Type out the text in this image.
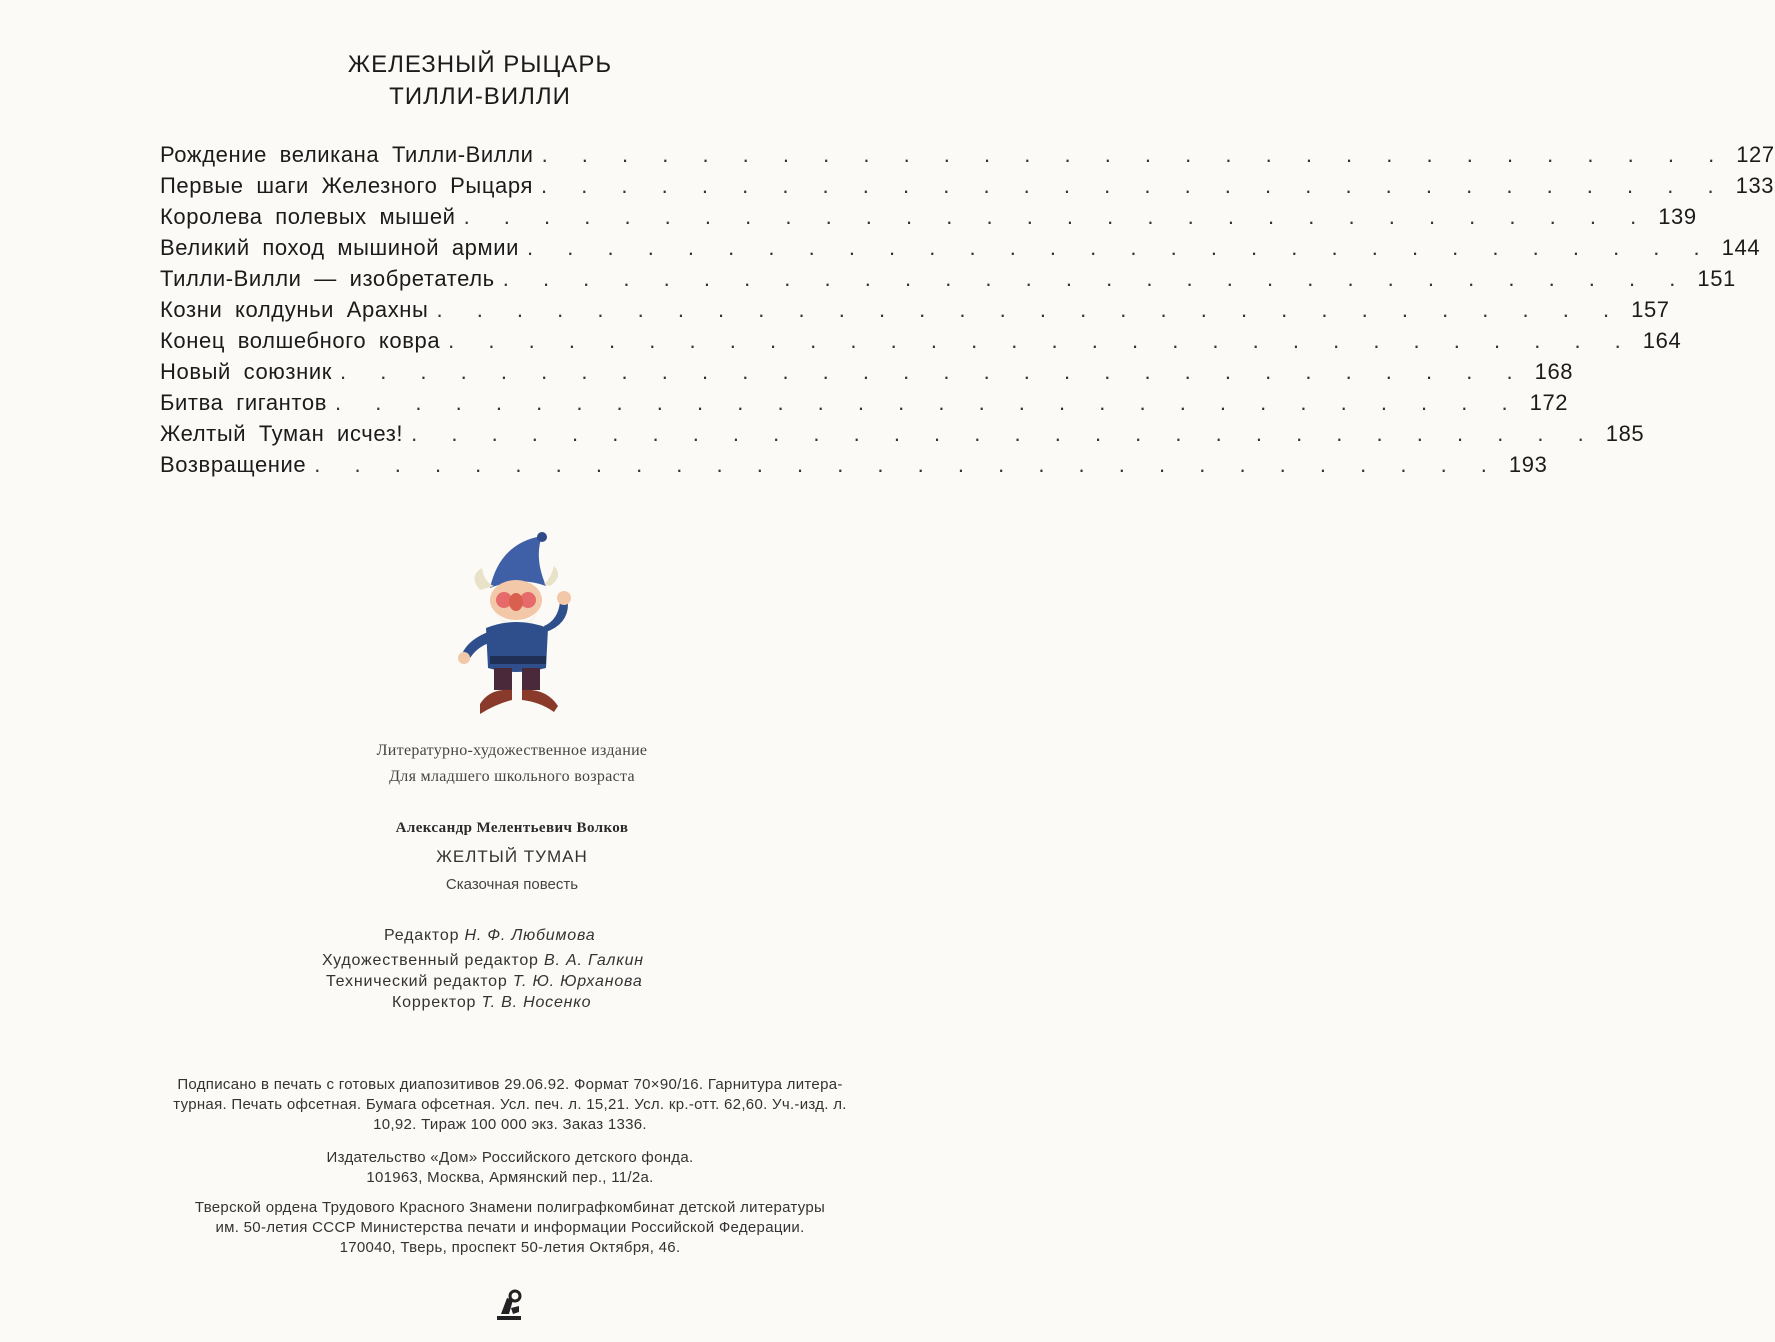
ЖЕЛЕЗНЫЙ РЫЦАРЬ
ТИЛЛИ-ВИЛЛИ
Рождение великана Тилли-Вилли . . . . . . . . . . . . . . . . . . . . . . . . . . . . . . 127
Первые шаги Железного Рыцаря . . . . . . . . . . . . . . . . . . . . . . . . . . . . . . 133
Королева полевых мышей . . . . . . . . . . . . . . . . . . . . . . . . . . . . . . 139
Великий поход мышиной армии . . . . . . . . . . . . . . . . . . . . . . . . . . . . . . 144
Тилли-Вилли — изобретатель . . . . . . . . . . . . . . . . . . . . . . . . . . . . . . 151
Козни колдуньи Арахны . . . . . . . . . . . . . . . . . . . . . . . . . . . . . . 157
Конец волшебного ковра . . . . . . . . . . . . . . . . . . . . . . . . . . . . . . 164
Новый союзник . . . . . . . . . . . . . . . . . . . . . . . . . . . . . . 168
Битва гигантов . . . . . . . . . . . . . . . . . . . . . . . . . . . . . . 172
Желтый Туман исчез! . . . . . . . . . . . . . . . . . . . . . . . . . . . . . . 185
Возвращение . . . . . . . . . . . . . . . . . . . . . . . . . . . . . . 193
Литературно-художественное издание
Для младшего школьного возраста
Александр Мелентьевич Волков
ЖЕЛТЫЙ ТУМАН
Сказочная повесть
Редактор Н. Ф. Любимова
Художественный редактор В. А. Галкин
Технический редактор Т. Ю. Юрханова
Корректор Т. В. Носенко
Подписано в печать с готовых диапозитивов 29.06.92. Формат 70×90/16. Гарнитура литера-
турная. Печать офсетная. Бумага офсетная. Усл. печ. л. 15,21. Усл. кр.-отт. 62,60. Уч.-изд. л.
10,92. Тираж 100 000 экз. Заказ 1336.
Издательство «Дом» Российского детского фонда.
101963, Москва, Армянский пер., 11/2а.
Тверской ордена Трудового Красного Знамени полиграфкомбинат детской литературы
им. 50-летия СССР Министерства печати и информации Российской Федерации.
170040, Тверь, проспект 50-летия Октября, 46.
